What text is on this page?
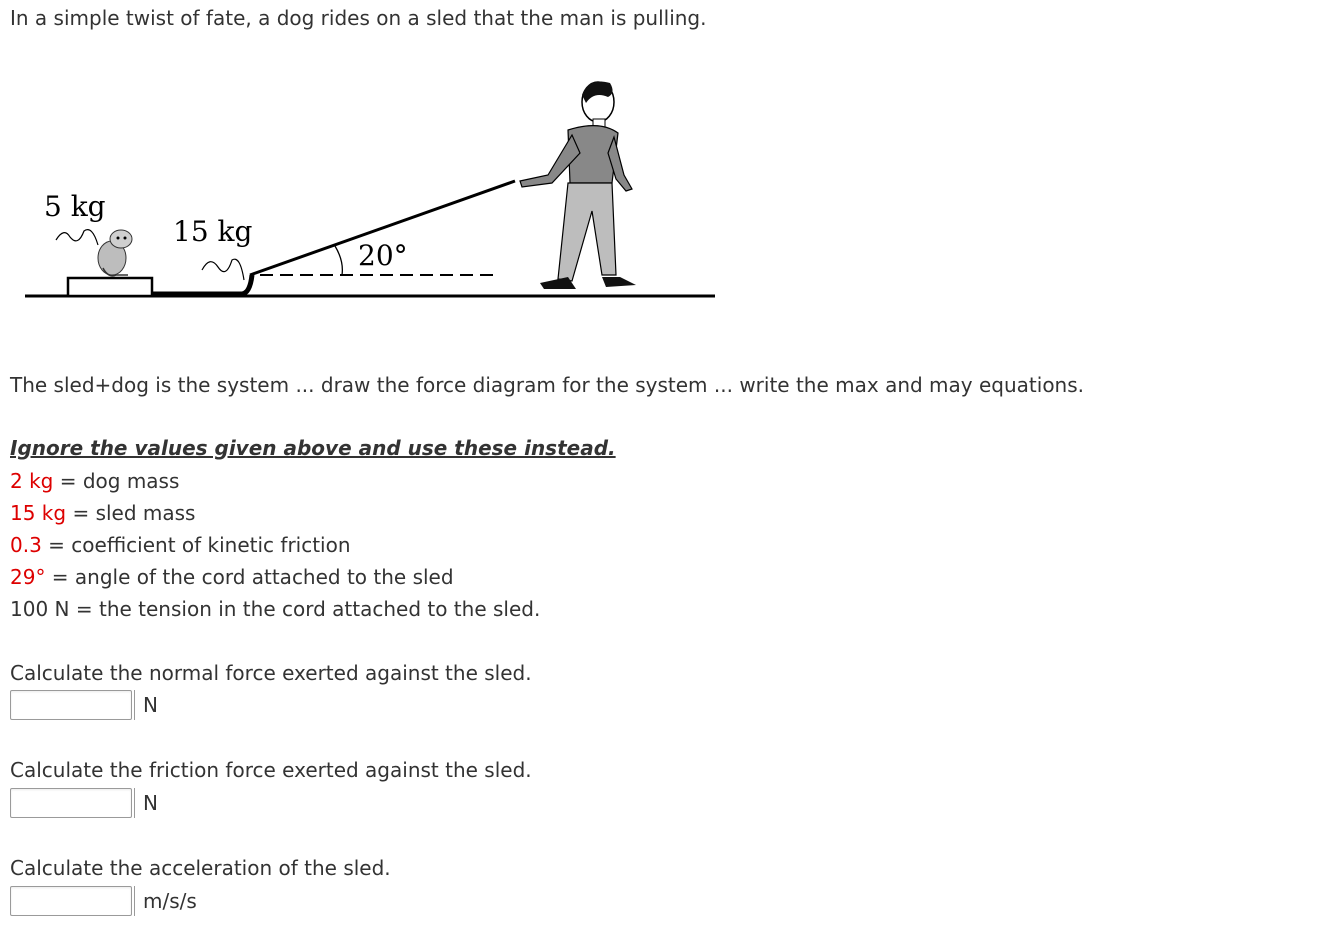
In a simple twist of fate, a dog rides on a sled that the man is pulling.
5 kg
15 kg
20°
The sled+dog is the system ... draw the force diagram for the system ... write the max and may equations.
Ignore the values given above and use these instead.
2 kg = dog mass
15 kg = sled mass
0.3 = coefficient of kinetic friction
29° = angle of the cord attached to the sled
100 N = the tension in the cord attached to the sled.
Calculate the normal force exerted against the sled.
N
Calculate the friction force exerted against the sled.
N
Calculate the acceleration of the sled.
m/s/s
